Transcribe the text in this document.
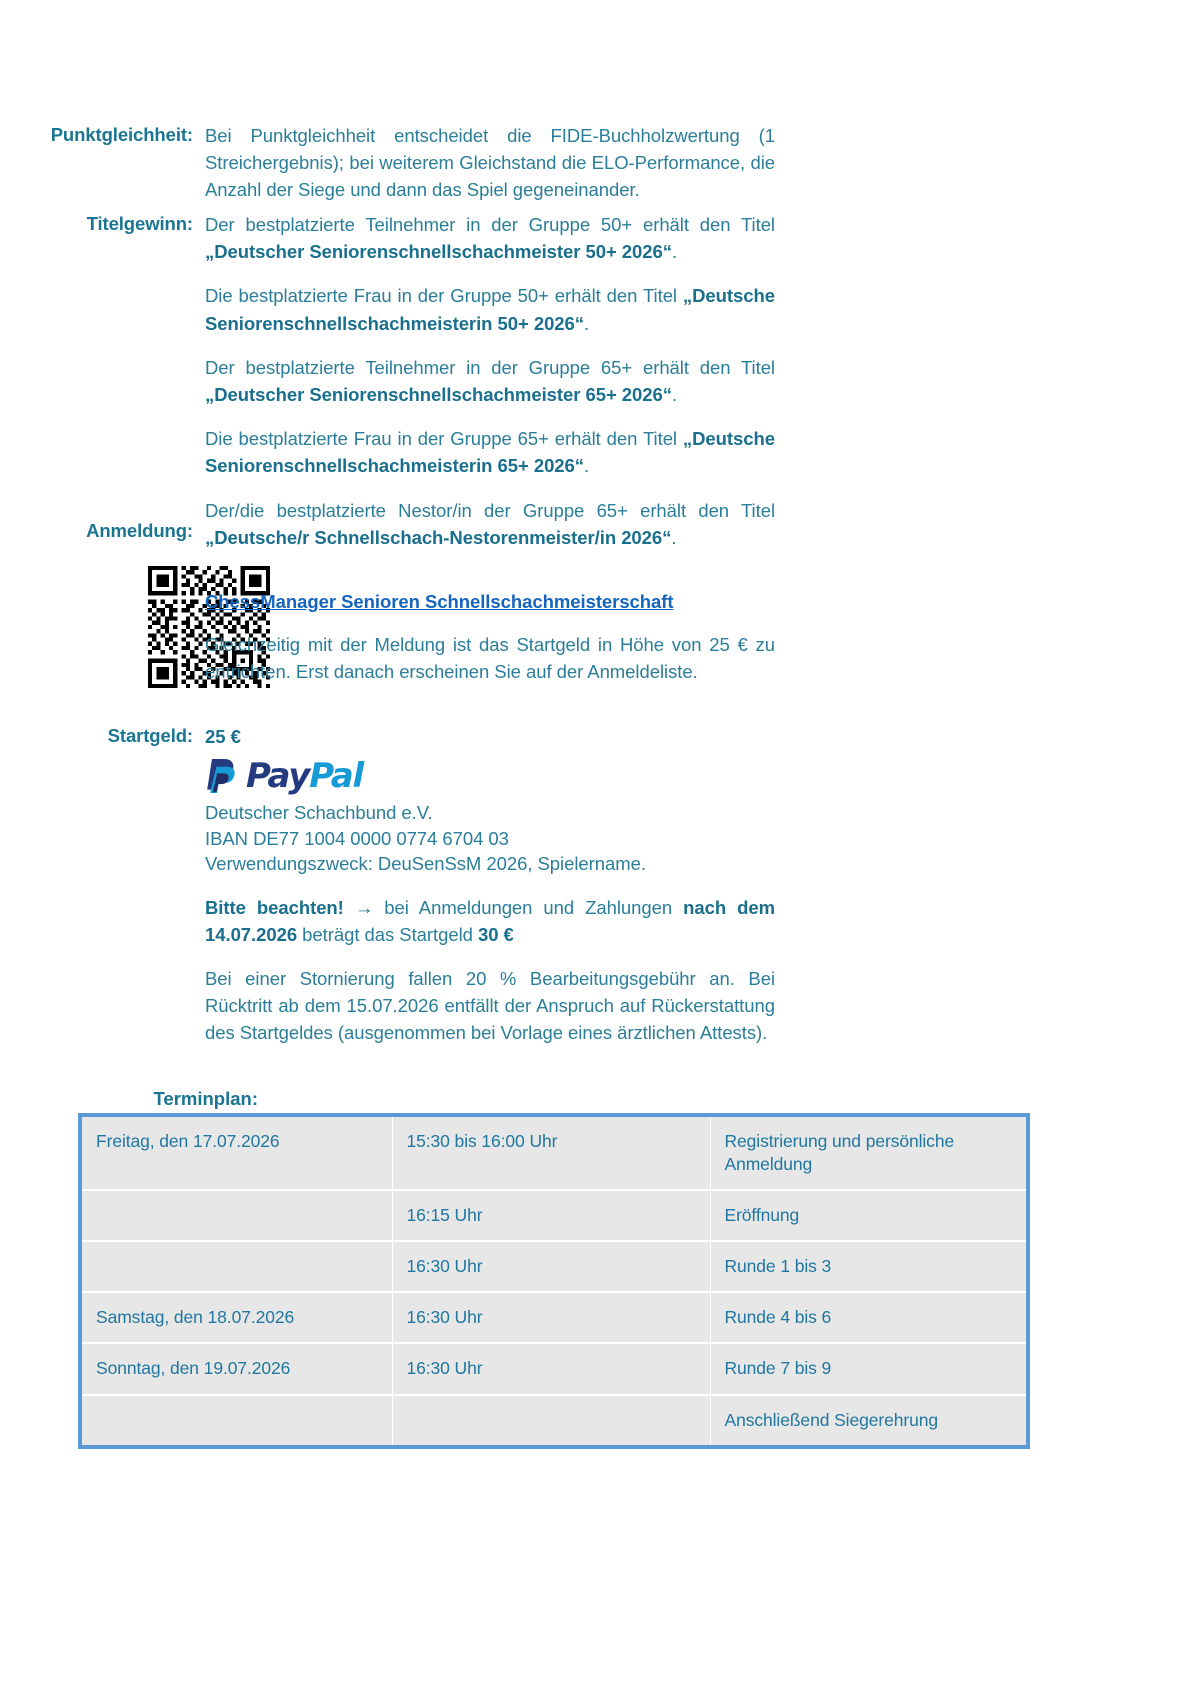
Punktgleichheit: Bei Punktgleichheit entscheidet die FIDE-Buchholzwertung (1 Streichergebnis); bei weiterem Gleichstand die ELO-Performance, die Anzahl der Siege und dann das Spiel gegeneinander.

Titelgewinn: Der bestplatzierte Teilnehmer in der Gruppe 50+ erhält den Titel „Deutscher Seniorenschnellschachmeister 50+ 2026“.

Die bestplatzierte Frau in der Gruppe 50+ erhält den Titel „Deutsche Seniorenschnellschachmeisterin 50+ 2026“.

Der bestplatzierte Teilnehmer in der Gruppe 65+ erhält den Titel „Deutscher Seniorenschnellschachmeister 65+ 2026“.

Die bestplatzierte Frau in der Gruppe 65+ erhält den Titel „Deutsche Seniorenschnellschachmeisterin 65+ 2026“.

Der/die bestplatzierte Nestor/in der Gruppe 65+ erhält den Titel „Deutsche/r Schnellschach-Nestorenmeister/in 2026“.

Anmeldung:

ChessManager Senioren Schnellschachmeisterschaft

Gleichzeitig mit der Meldung ist das Startgeld in Höhe von 25 € zu entrichten. Erst danach erscheinen Sie auf der Anmeldeliste.

Startgeld: 25 €

PayPal
Deutscher Schachbund e.V.
IBAN DE77 1004 0000 0774 6704 03
Verwendungszweck: DeuSenSsM 2026, Spielername.

Bitte beachten! → bei Anmeldungen und Zahlungen nach dem 14.07.2026 beträgt das Startgeld 30 €

Bei einer Stornierung fallen 20 % Bearbeitungsgebühr an. Bei Rücktritt ab dem 15.07.2026 entfällt der Anspruch auf Rückerstattung des Startgeldes (ausgenommen bei Vorlage eines ärztlichen Attests).

Terminplan:
Freitag, den 17.07.2026	15:30 bis 16:00 Uhr	Registrierung und persönliche Anmeldung
	16:15 Uhr	Eröffnung
	16:30 Uhr	Runde 1 bis 3
Samstag, den 18.07.2026	16:30 Uhr	Runde 4 bis 6
Sonntag, den 19.07.2026	16:30 Uhr	Runde 7 bis 9
		Anschließend Siegerehrung
